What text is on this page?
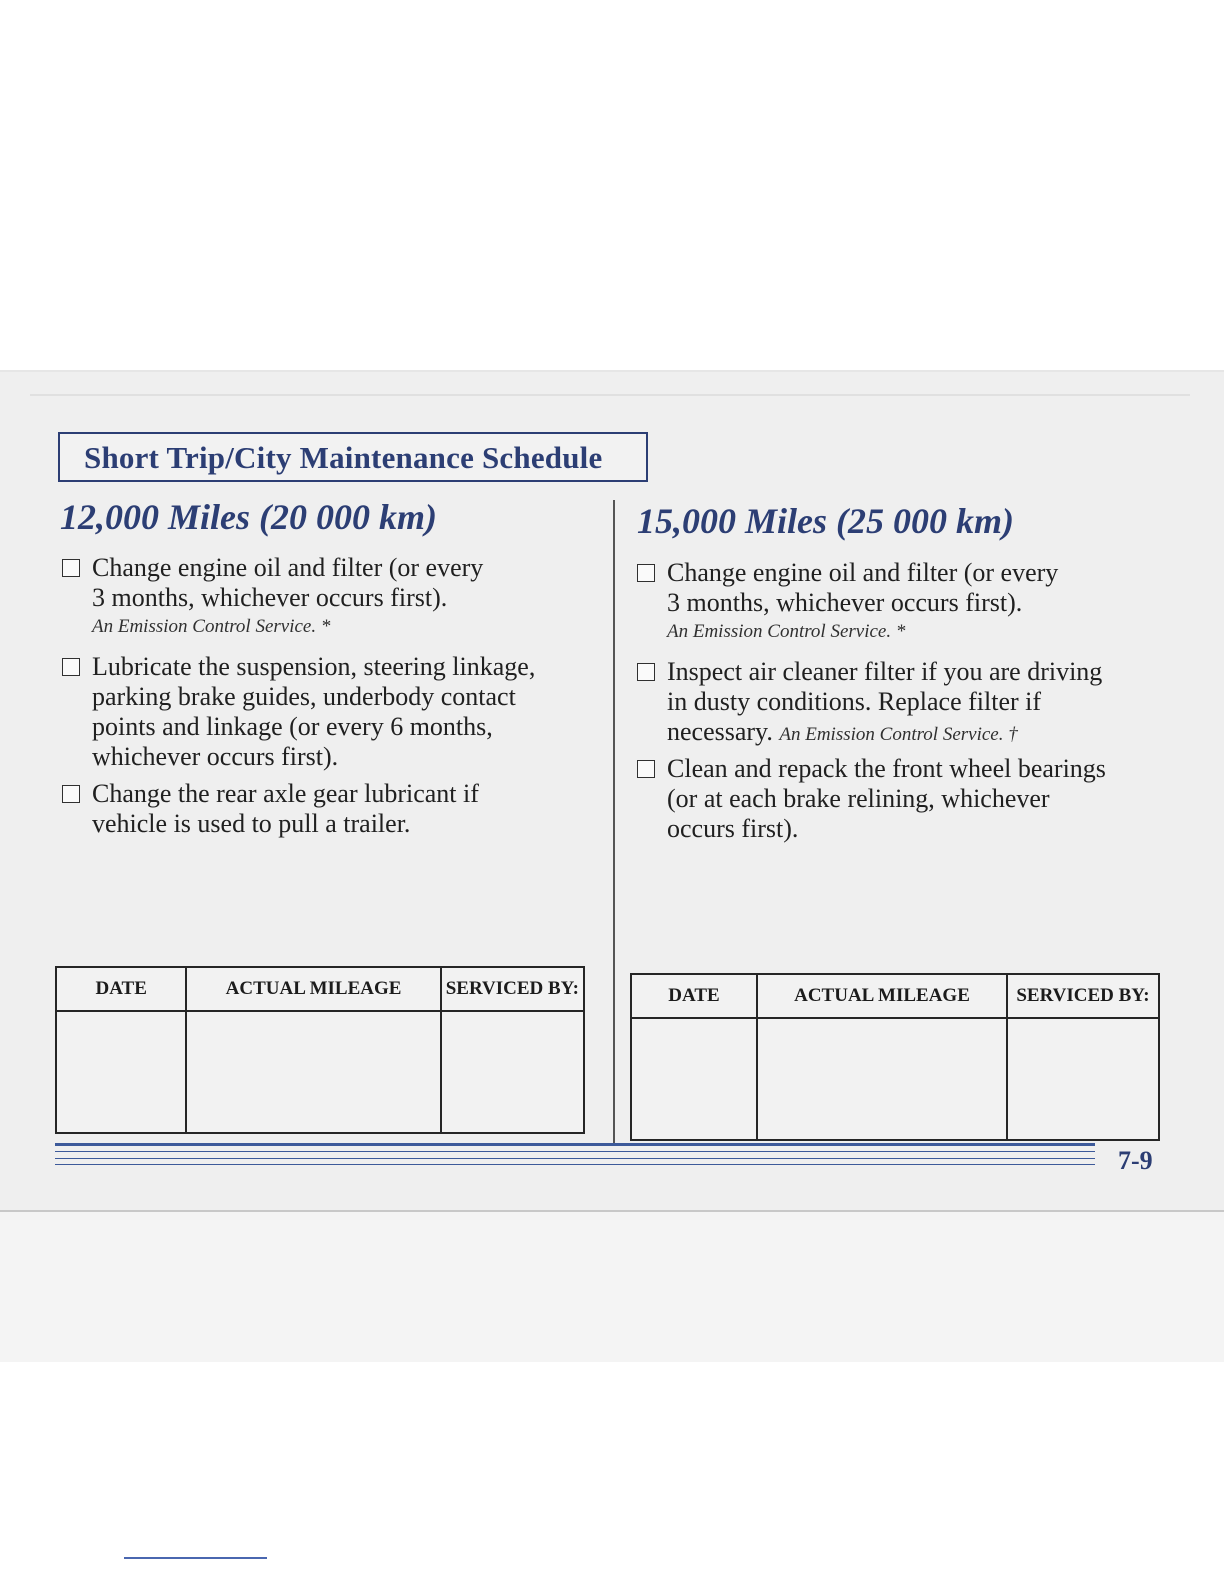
Short Trip/City Maintenance Schedule
12,000 Miles (20 000 km)	15,000 Miles (25 000 km)
Change engine oil and filter (or every
3 months, whichever occurs first).
An Emission Control Service. *
Lubricate the suspension, steering linkage,
parking brake guides, underbody contact
points and linkage (or every 6 months,
whichever occurs first).
Change the rear axle gear lubricant if
vehicle is used to pull a trailer.
DATE	ACTUAL MILEAGE	SERVICED BY:

Change engine oil and filter (or every
3 months, whichever occurs first).
An Emission Control Service. *
Inspect air cleaner filter if you are driving
in dusty conditions. Replace filter if
necessary. An Emission Control Service. †
Clean and repack the front wheel bearings
(or at each brake relining, whichever
occurs first).
DATE	ACTUAL MILEAGE	SERVICED BY:

7-9
